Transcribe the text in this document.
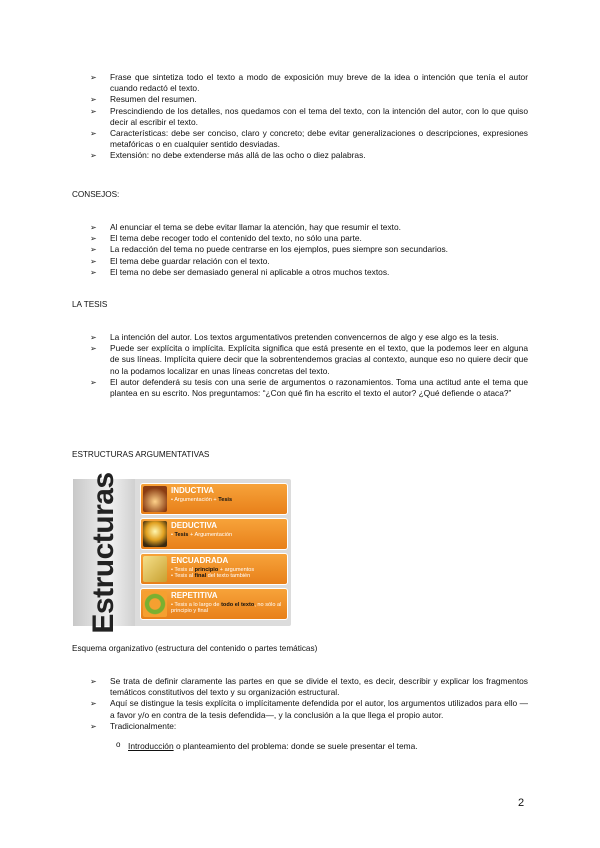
➢ Frase que sintetiza todo el texto a modo de exposición muy breve de la idea o intención que tenía el autor cuando redactó el texto.
➢ Resumen del resumen.
➢ Prescindiendo de los detalles, nos quedamos con el tema del texto, con la intención del autor, con lo que quiso decir al escribir el texto.
➢ Características: debe ser conciso, claro y concreto; debe evitar generalizaciones o descripciones, expresiones metafóricas o en cualquier sentido desviadas.
➢ Extensión: no debe extenderse más allá de las ocho o diez palabras.
CONSEJOS:
➢ Al enunciar el tema se debe evitar llamar la atención, hay que resumir el texto.
➢ El tema debe recoger todo el contenido del texto, no sólo una parte.
➢ La redacción del tema no puede centrarse en los ejemplos, pues siempre son secundarios.
➢ El tema debe guardar relación con el texto.
➢ El tema no debe ser demasiado general ni aplicable a otros muchos textos.
LA TESIS
➢ La intención del autor. Los textos argumentativos pretenden convencernos de algo y ese algo es la tesis.
➢ Puede ser explícita o implícita. Explícita significa que está presente en el texto, que la podemos leer en alguna de sus líneas. Implícita quiere decir que la sobrentendemos gracias al contexto, aunque eso no quiere decir que no la podamos localizar en unas líneas concretas del texto.
➢ El autor defenderá su tesis con una serie de argumentos o razonamientos. Toma una actitud ante el tema que plantea en su escrito. Nos preguntamos: “¿Con qué fin ha escrito el texto el autor? ¿Qué defiende o ataca?”
ESTRUCTURAS ARGUMENTATIVAS
Estructuras	INDUCTIVA
• Argumentación + Tesis
DEDUCTIVA
• Tesis + Argumentación
ENCUADRADA
• Tesis al principio + argumentos
• Tesis al final del texto también
REPETITIVA
• Tesis a lo largo de todo el texto, no sólo al principio y final
Esquema organizativo (estructura del contenido o partes temáticas)
➢ Se trata de definir claramente las partes en que se divide el texto, es decir, describir y explicar los fragmentos temáticos constitutivos del texto y su organización estructural.
➢ Aquí se distingue la tesis explícita o implícitamente defendida por el autor, los argumentos utilizados para ello —a favor y/o en contra de la tesis defendida—, y la conclusión a la que llega el propio autor.
➢ Tradicionalmente:
o Introducción o planteamiento del problema: donde se suele presentar el tema.
2
